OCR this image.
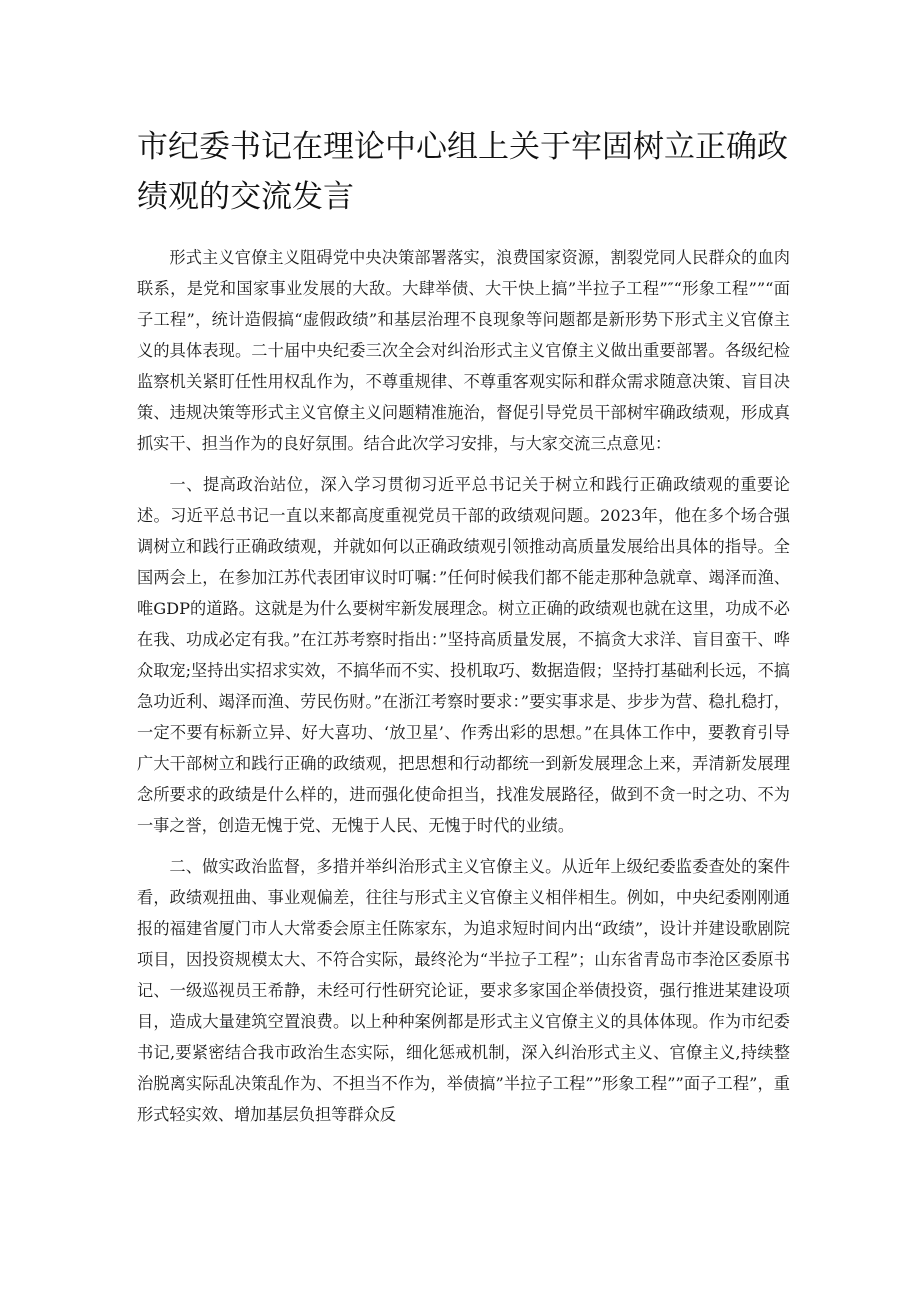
市纪委书记在理论中心组上关于牢固树立正确政绩观的交流发言

形式主义官僚主义阻碍党中央决策部署落实，浪费国家资源，割裂党同人民群众的血肉联系，是党和国家事业发展的大敌。大肆举债、大干快上搞”半拉子工程”″“形象工程””“面子工程”，统计造假搞“虚假政绩”和基层治理不良现象等问题都是新形势下形式主义官僚主义的具体表现。二十届中央纪委三次全会对纠治形式主义官僚主义做出重要部署。各级纪检监察机关紧盯任性用权乱作为，不尊重规律、不尊重客观实际和群众需求随意决策、盲目决策、违规决策等形式主义官僚主义问题精准施治，督促引导党员干部树牢确政绩观，形成真抓实干、担当作为的良好氛围。结合此次学习安排，与大家交流三点意见：

一、提高政治站位，深入学习贯彻习近平总书记关于树立和践行正确政绩观的重要论述。习近平总书记一直以来都高度重视党员干部的政绩观问题。2023年，他在多个场合强调树立和践行正确政绩观，并就如何以正确政绩观引领推动高质量发展给出具体的指导。全国两会上，在参加江苏代表团审议时叮嘱：”任何时候我们都不能走那种急就章、竭泽而渔、唯GDP的道路。这就是为什么要树牢新发展理念。树立正确的政绩观也就在这里，功成不必在我、功成必定有我。”在江苏考察时指出：”坚持高质量发展，不搞贪大求洋、盲目蛮干、哗众取宠;坚持出实招求实效，不搞华而不实、投机取巧、数据造假；坚持打基础利长远，不搞急功近利、竭泽而渔、劳民伤财。”在浙江考察时要求：”要实事求是、步步为营、稳扎稳打，一定不要有标新立异、好大喜功、‘放卫星’、作秀出彩的思想。”在具体工作中，要教育引导广大干部树立和践行正确的政绩观，把思想和行动都统一到新发展理念上来，弄清新发展理念所要求的政绩是什么样的，进而强化使命担当，找准发展路径，做到不贪一时之功、不为一事之誉，创造无愧于党、无愧于人民、无愧于时代的业绩。

二、做实政治监督，多措并举纠治形式主义官僚主义。从近年上级纪委监委查处的案件看，政绩观扭曲、事业观偏差，往往与形式主义官僚主义相伴相生。例如，中央纪委刚刚通报的福建省厦门市人大常委会原主任陈家东，为追求短时间内出“政绩”，设计并建设歌剧院项目，因投资规模太大、不符合实际，最终沦为“半拉子工程”；山东省青岛市李沧区委原书记、一级巡视员王希静，未经可行性研究论证，要求多家国企举债投资，强行推进某建设项目，造成大量建筑空置浪费。以上种种案例都是形式主义官僚主义的具体体现。作为市纪委书记,要紧密结合我市政治生态实际，细化惩戒机制，深入纠治形式主义、官僚主义,持续整治脱离实际乱决策乱作为、不担当不作为，举债搞”半拉子工程””形象工程””面子工程”，重形式轻实效、增加基层负担等群众反
